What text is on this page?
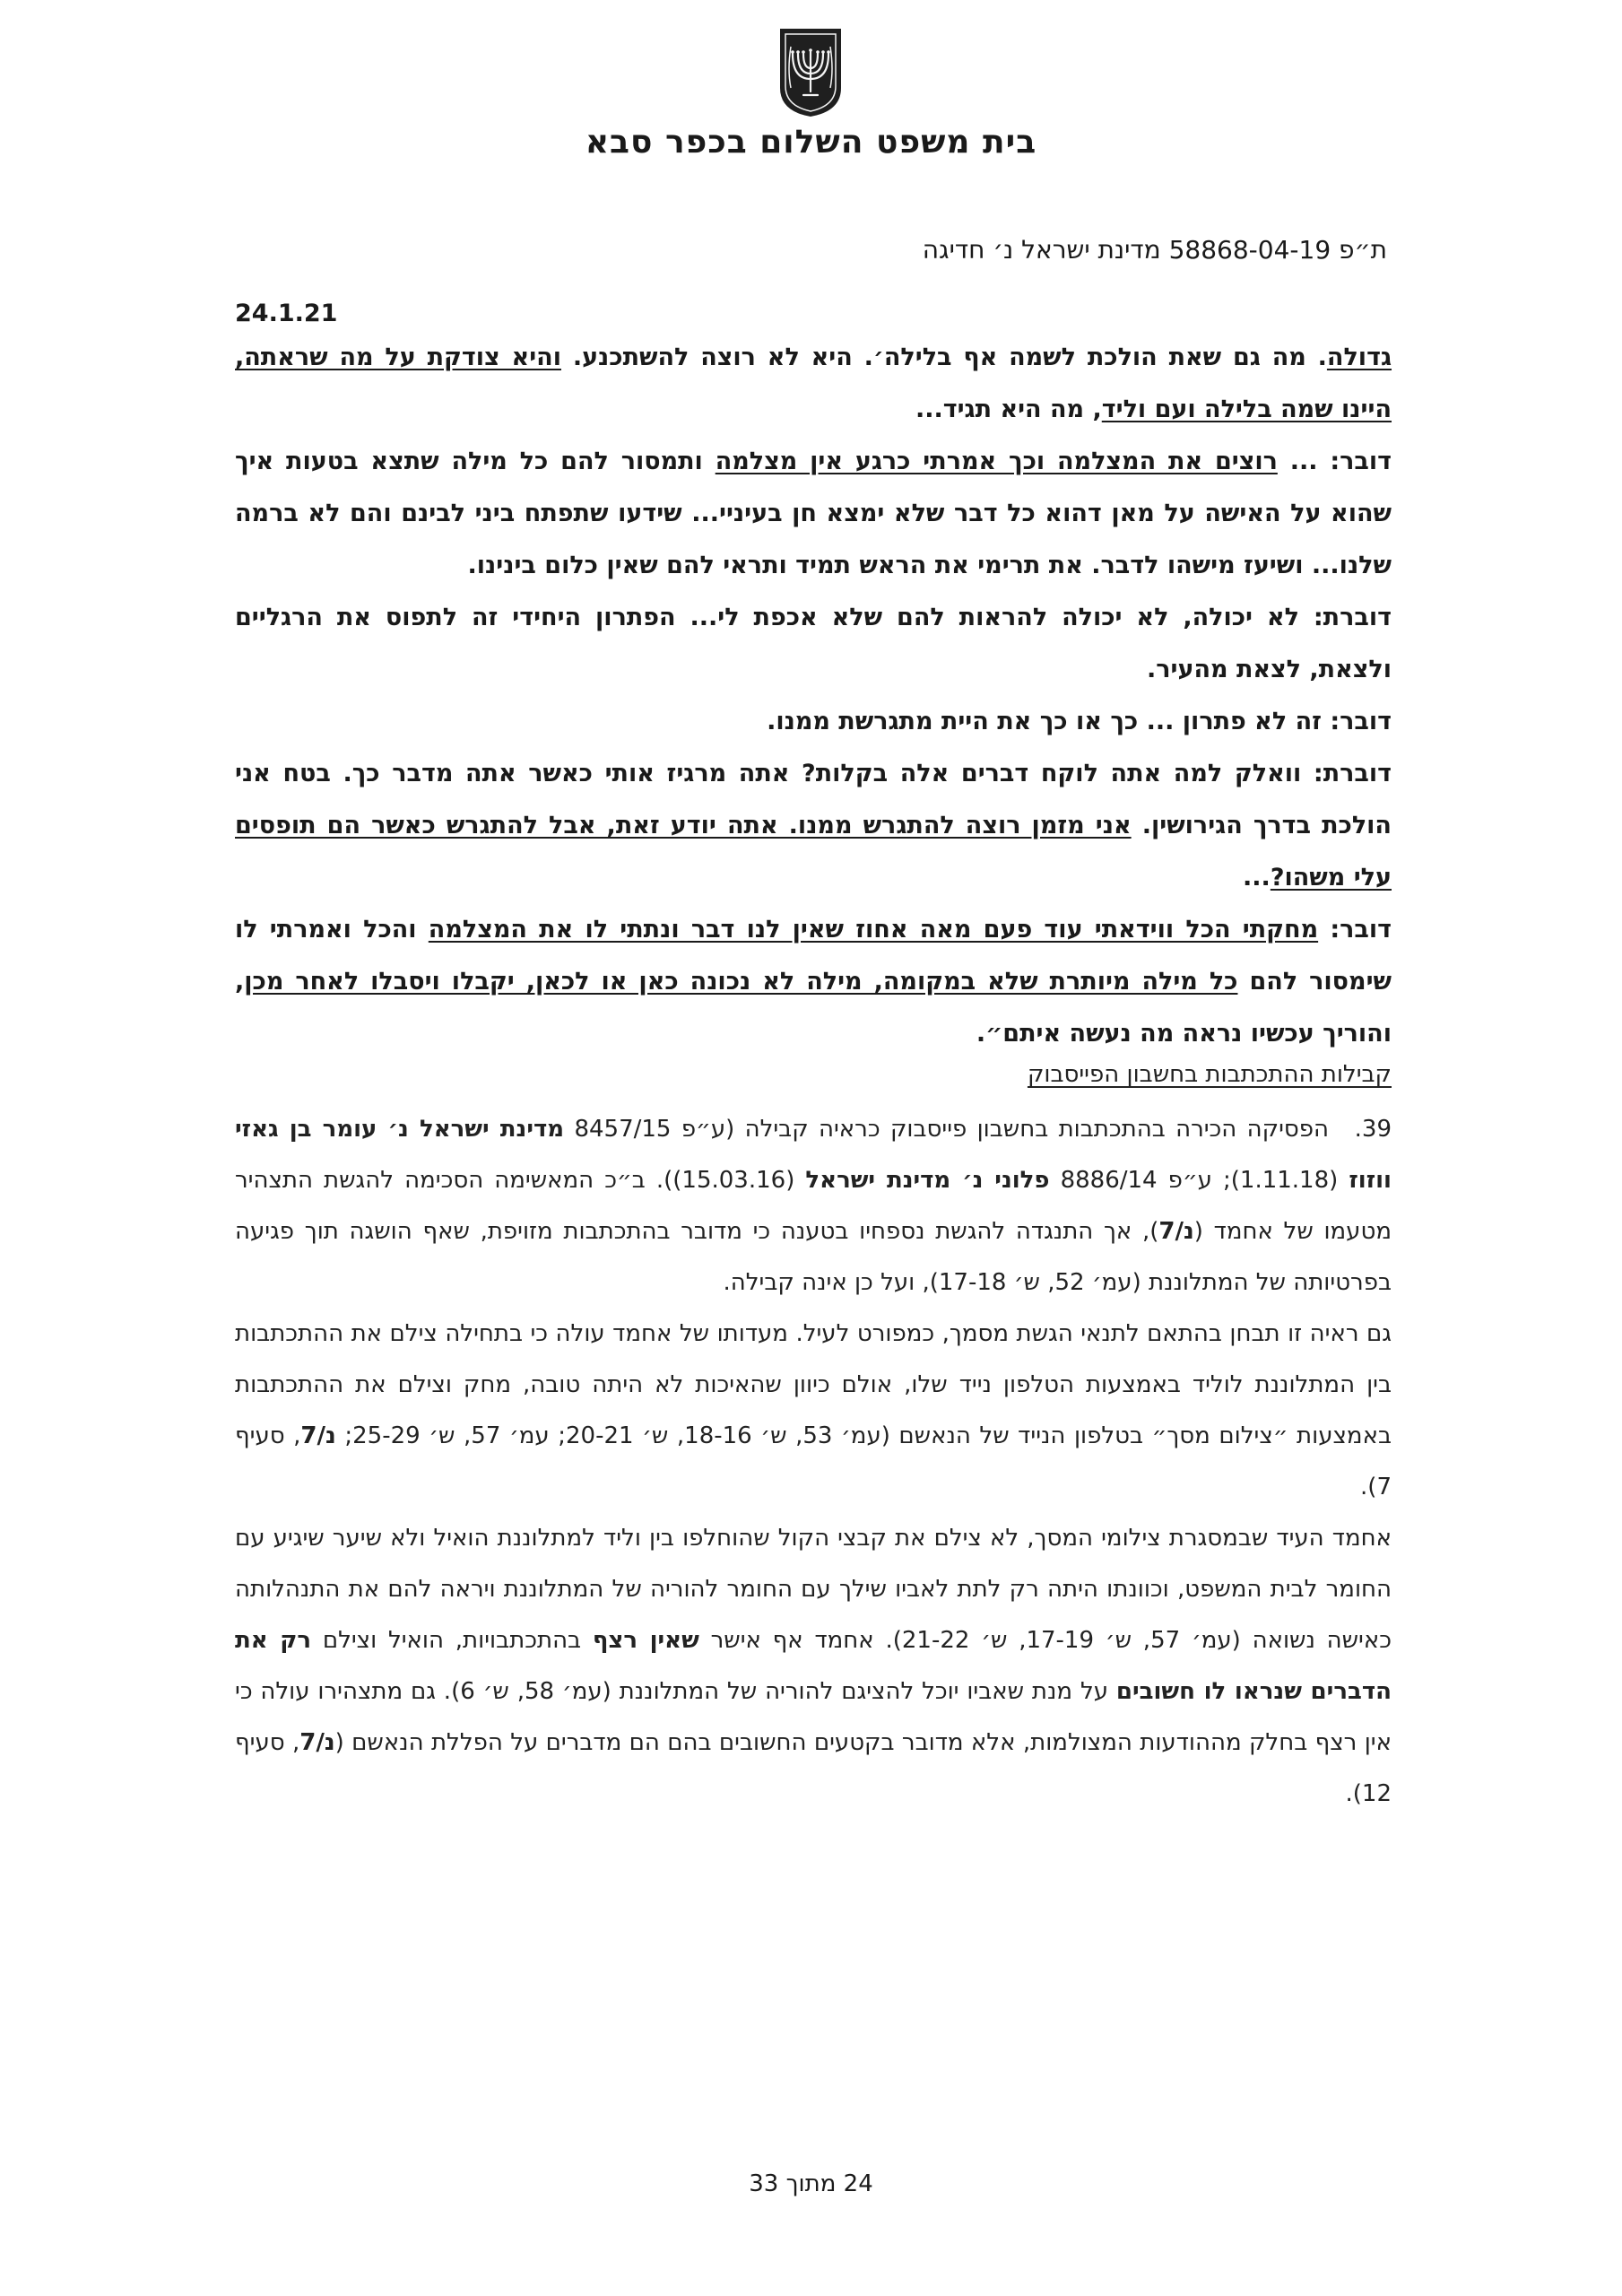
בית משפט השלום בכפר סבא
ת״פ 58868-04-19 מדינת ישראל נ׳ חדיגה
24.1.21

גדולה. מה גם שאת הולכת לשמה אף בלילה׳. היא לא רוצה להשתכנע. והיא צודקת על מה שראתה, היינו שמה בלילה ועם וליד, מה היא תגיד...

דובר: ... רוצים את המצלמה וכך אמרתי כרגע אין מצלמה ותמסור להם כל מילה שתצא בטעות איך שהוא על האישה על מאן דהוא כל דבר שלא ימצא חן בעיניי... שידעו שתפתח ביני לבינם והם לא ברמה שלנו... ושיעז מישהו לדבר. את תרימי את הראש תמיד ותראי להם שאין כלום בינינו.

דוברת: לא יכולה, לא יכולה להראות להם שלא אכפת לי... הפתרון היחידי זה לתפוס את הרגליים ולצאת, לצאת מהעיר.

דובר: זה לא פתרון ... כך או כך את היית מתגרשת ממנו.

דוברת: וואלק למה אתה לוקח דברים אלה בקלות? אתה מרגיז אותי כאשר אתה מדבר כך. בטח אני הולכת בדרך הגירושין. אני מזמן רוצה להתגרש ממנו. אתה יודע זאת, אבל להתגרש כאשר הם תופסים עלי משהו?...

דובר: מחקתי הכל ווידאתי עוד פעם מאה אחוז שאין לנו דבר ונתתי לו את המצלמה והכל ואמרתי לו שימסור להם כל מילה מיותרת שלא במקומה, מילה לא נכונה כאן או לכאן, יקבלו ויסבלו לאחר מכן, והוריך עכשיו נראה מה נעשה איתם״.

קבילות ההתכתבות בחשבון הפייסבוק

39.הפסיקה הכירה בהתכתבות בחשבון פייסבוק כראיה קבילה (ע״פ 8457/15 מדינת ישראל נ׳ עומר בן גאזי ווזוז (1.11.18); ע״פ 8886/14 פלוני נ׳ מדינת ישראל (15.03.16)). ב״כ המאשימה הסכימה להגשת התצהיר מטעמו של אחמד (נ/7), אך התנגדה להגשת נספחיו בטענה כי מדובר בהתכתבות מזויפת, שאף הושגה תוך פגיעה בפרטיותה של המתלוננת (עמ׳ 52, ש׳ 17-18), ועל כן אינה קבילה.

גם ראיה זו תבחן בהתאם לתנאי הגשת מסמך, כמפורט לעיל. מעדותו של אחמד עולה כי בתחילה צילם את ההתכתבות בין המתלוננת לוליד באמצעות הטלפון נייד שלו, אולם כיוון שהאיכות לא היתה טובה, מחק וצילם את ההתכתבות באמצעות ״צילום מסך״ בטלפון הנייד של הנאשם (עמ׳ 53, ש׳ 18-16, ש׳ 20-21; עמ׳ 57, ש׳ 25-29; נ/7, סעיף 7).

אחמד העיד שבמסגרת צילומי המסך, לא צילם את קבצי הקול שהוחלפו בין וליד למתלוננת הואיל ולא שיער שיגיע עם החומר לבית המשפט, וכוונתו היתה רק לתת לאביו שילך עם החומר להוריה של המתלוננת ויראה להם את התנהלותה כאישה נשואה (עמ׳ 57, ש׳ 17-19, ש׳ 21-22). אחמד אף אישר שאין רצף בהתכתבויות, הואיל וצילם רק את הדברים שנראו לו חשובים על מנת שאביו יוכל להציגם להוריה של המתלוננת (עמ׳ 58, ש׳ 6). גם מתצהירו עולה כי אין רצף בחלק מההודעות המצולמות, אלא מדובר בקטעים החשובים בהם הם מדברים על הפללת הנאשם (נ/7, סעיף 12).

24 מתוך 33
